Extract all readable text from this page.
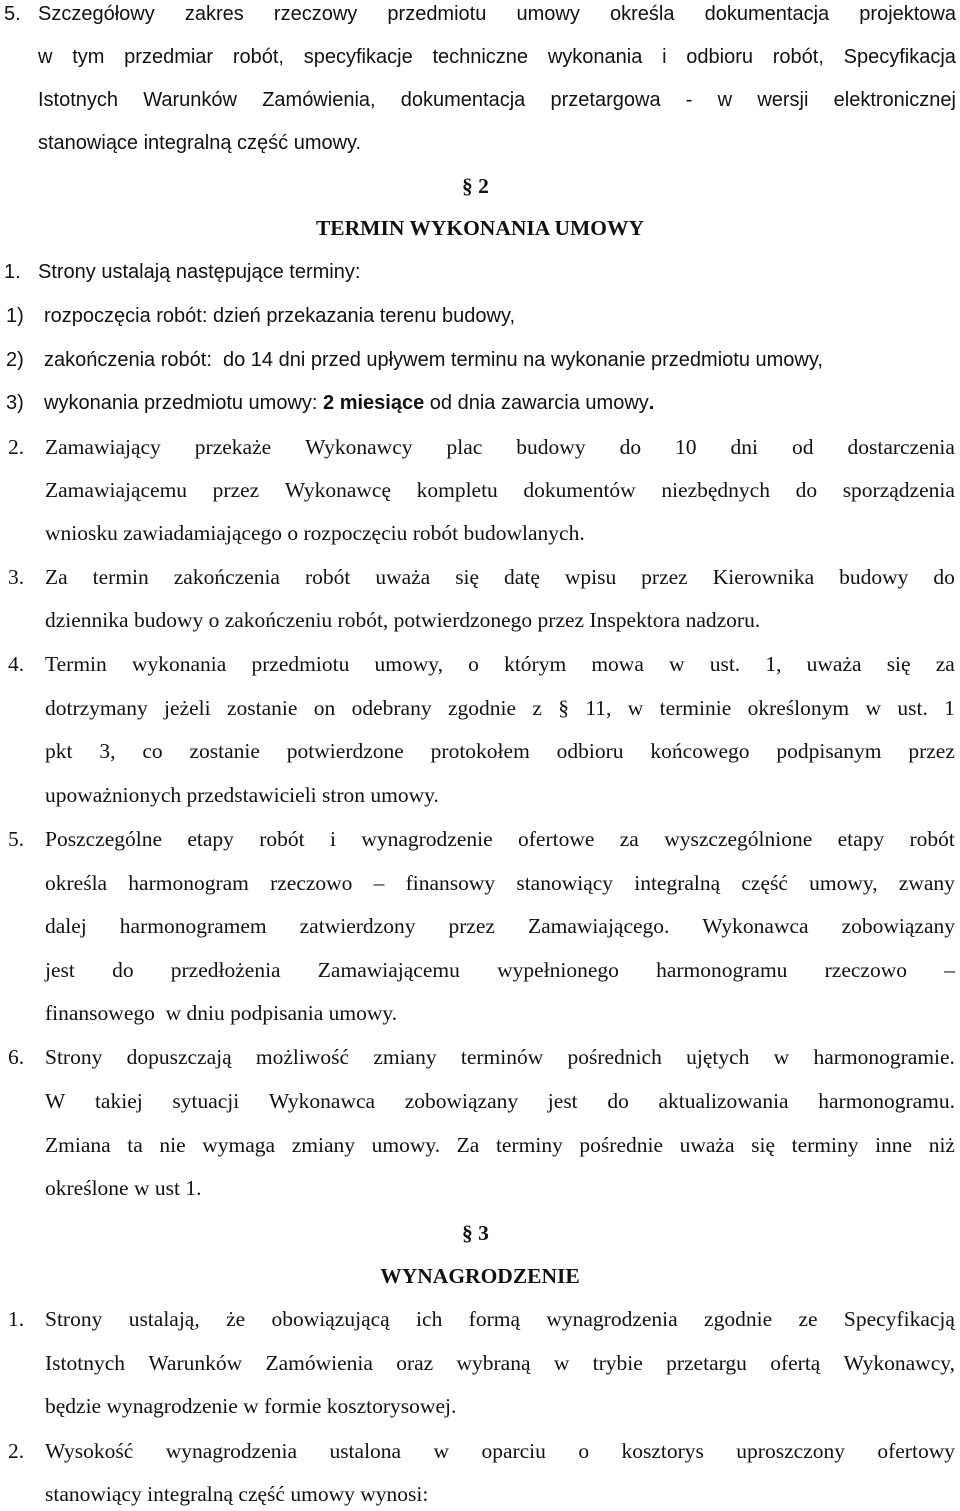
5. Szczegółowy zakres rzeczowy przedmiotu umowy określa dokumentacja projektowa
w tym przedmiar robót, specyfikacje techniczne wykonania i odbioru robót, Specyfikacja
Istotnych Warunków Zamówienia, dokumentacja przetargowa - w wersji elektronicznej
stanowiące integralną część umowy.
§ 2
TERMIN WYKONANIA UMOWY
1. Strony ustalają następujące terminy:
1) rozpoczęcia robót: dzień przekazania terenu budowy,
2) zakończenia robót:  do 14 dni przed upływem terminu na wykonanie przedmiotu umowy,
3) wykonania przedmiotu umowy: 2 miesiące od dnia zawarcia umowy.
2. Zamawiający przekaże Wykonawcy plac budowy do 10 dni od dostarczenia
Zamawiającemu przez Wykonawcę kompletu dokumentów niezbędnych do sporządzenia
wniosku zawiadamiającego o rozpoczęciu robót budowlanych.
3. Za termin zakończenia robót uważa się datę wpisu przez Kierownika budowy do
dziennika budowy o zakończeniu robót, potwierdzonego przez Inspektora nadzoru.
4. Termin wykonania przedmiotu umowy, o którym mowa w ust. 1, uważa się za
dotrzymany jeżeli zostanie on odebrany zgodnie z § 11, w terminie określonym w ust. 1
pkt 3, co zostanie potwierdzone protokołem odbioru końcowego podpisanym przez
upoważnionych przedstawicieli stron umowy.
5. Poszczególne etapy robót i wynagrodzenie ofertowe za wyszczególnione etapy robót
określa harmonogram rzeczowo – finansowy stanowiący integralną część umowy, zwany
dalej harmonogramem zatwierdzony przez Zamawiającego. Wykonawca zobowiązany
jest do przedłożenia Zamawiającemu wypełnionego harmonogramu rzeczowo –
finansowego  w dniu podpisania umowy.
6. Strony dopuszczają możliwość zmiany terminów pośrednich ujętych w harmonogramie.
W takiej sytuacji Wykonawca zobowiązany jest do aktualizowania harmonogramu.
Zmiana ta nie wymaga zmiany umowy. Za terminy pośrednie uważa się terminy inne niż
określone w ust 1.
§ 3
WYNAGRODZENIE
1. Strony ustalają, że obowiązującą ich formą wynagrodzenia zgodnie ze Specyfikacją
Istotnych Warunków Zamówienia oraz wybraną w trybie przetargu ofertą Wykonawcy,
będzie wynagrodzenie w formie kosztorysowej.
2. Wysokość wynagrodzenia ustalona w oparciu o kosztorys uproszczony ofertowy
stanowiący integralną część umowy wynosi:
